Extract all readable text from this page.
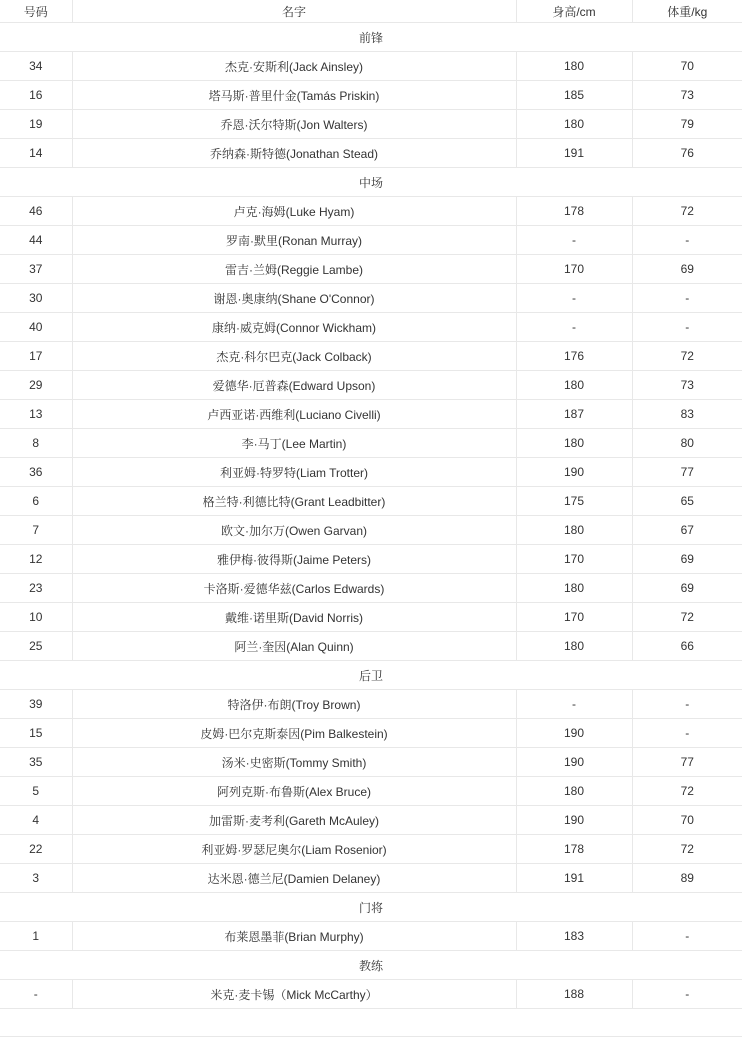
号码	名字	身高/cm	体重/kg
前锋			
34	杰克·安斯利(Jack Ainsley)	180	70
16	塔马斯·普里什金(Tamás Priskin)	185	73
19	乔恩·沃尔特斯(Jon Walters)	180	79
14	乔纳森·斯特德(Jonathan Stead)	191	76
中场			
46	卢克·海姆(Luke Hyam)	178	72
44	罗南·默里(Ronan Murray)	-	-
37	雷吉·兰姆(Reggie Lambe)	170	69
30	谢恩·奥康纳(Shane O'Connor)	-	-
40	康纳·威克姆(Connor Wickham)	-	-
17	杰克·科尔巴克(Jack Colback)	176	72
29	爱德华·厄普森(Edward Upson)	180	73
13	卢西亚诺·西维利(Luciano Civelli)	187	83
8	李·马丁(Lee Martin)	180	80
36	利亚姆·特罗特(Liam Trotter)	190	77
6	格兰特·利德比特(Grant Leadbitter)	175	65
7	欧文·加尔万(Owen Garvan)	180	67
12	雅伊梅·彼得斯(Jaime Peters)	170	69
23	卡洛斯·爱德华兹(Carlos Edwards)	180	69
10	戴维·诺里斯(David Norris)	170	72
25	阿兰·奎因(Alan Quinn)	180	66
后卫			
39	特洛伊·布朗(Troy Brown)	-	-
15	皮姆·巴尔克斯泰因(Pim Balkestein)	190	-
35	汤米·史密斯(Tommy Smith)	190	77
5	阿列克斯·布鲁斯(Alex Bruce)	180	72
4	加雷斯·麦考利(Gareth McAuley)	190	70
22	利亚姆·罗瑟尼奥尔(Liam Rosenior)	178	72
3	达米恩·德兰尼(Damien Delaney)	191	89
门将			
1	布莱恩墨菲(Brian Murphy)	183	-
教练			
-	米克·麦卡锡（Mick McCarthy）	188	-
